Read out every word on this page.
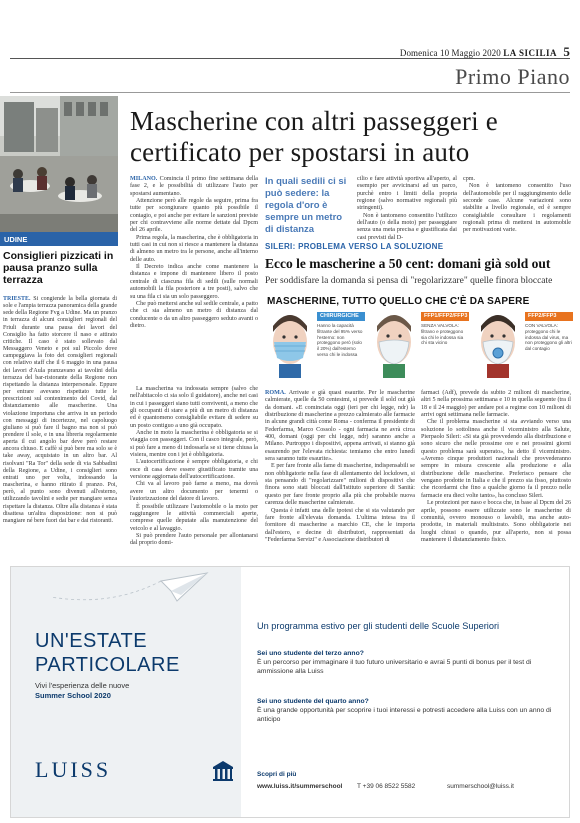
Domenica 10 Maggio 2020 LA SICILIA 5
Primo Piano
UDINE
Consiglieri pizzicati in pausa pranzo sulla terrazza
TRIESTE. Si congiende la bella giornata di sole e l'ampia terrazza panoramica della grande sede della Regione Fvg a Udine. Ma un pranzo in terrazza di alcuni consiglieri regionali del Friuli durante una pausa dei lavori del Consiglio ha fatto storcere il naso e attirato critiche. Il caso è stato sollevato dal Messaggero Veneto e poi sul Piccolo dove campeggiava la foto dei consiglieri regionali con relativo staff che il 6 maggio in una pausa dei lavori d'Aula pranzavano ai tavolini della terrazza del bar-ristorante della Regione non rispettando la distanza interpersonale. Eppure per entrare avevano rispettato tutte le prescrizioni sul contenimento del Covid, dal distanziamento alle mascherine. Una violazione importuna che arriva in un periodo con messaggi di incertezze, nel capoluogo giuliano si può fare il bagno ma non si può prendere il sole, e in una libreria regolarmente aperta il cui angolo bar deve però restare ancora chiuso. E caffè sì può bere ma solo se è take away, acquistato in un altro bar. Al risolvani "Ra Tor" della sede di via Sabbadini della Regione, a Udine, i consiglieri sono entrati uno per volta, indossando la mascherina, e hanno ritirato il pranzo. Poi, però, al punto sono divenuti all'esterno, utilizzando tavolini e sedie per mangiare senza rispettare la distanza. Oltre alla distanza è stata disattesa un'altra disposizione: non si può mangiare né bere fuori dai bar e dai ristoranti.
Mascherine con altri passeggeri e certificato per spostarsi in auto

MILANO. Comincia il primo fine settimana della fase 2, e le possibilità di utilizzare l'auto per spostarsi aumentano.

Attenzione però alle regole da seguire, prima fra tutte per scongiurare quanto più possibile il contagio, e poi anche per evitare le sanzioni previste per chi contravviene alle norme dettate dal Dpcm del 26 aprile.

Prima regola, la mascherina, che è obbligatoria in tutti casi in cui non si riesce a mantenere la distanza di almeno un metro tra le persone, anche all'interno delle auto.

Il Decreto indica anche come mantenere la distanza e impone di mantenere libero il posto centrale di ciascuna fila di sedili (sulle normali automobili la fila posteriore a tre posti), salvo che su una fila ci sia un solo passeggero.

Che può mettersi anche sul sedile centrale, a patto che ci sia almeno un metro di distanza dal conducente o da un altro passeggero seduto avanti o dietro.

La mascherina va indossata sempre (salvo che nell'abitacolo ci sia solo il guidatore), anche nei casi in cui i passeggeri siano tutti conviventi, a meno che gli occupanti di stare a più di un metro di distanza ed è quantomeno consigliabile evitare di sedere su un posto contiguo a uno già occupato.

Anche in moto la mascherina è obbligatoria se si viaggia con passeggeri. Con il casco integrale, però, si può fare a meno di indossarla se si tiene chiusa la visiera, mentre con i jet è obbligatoria.

L'autocertificazione è sempre obbligatoria, e chi esce di casa deve essere giustificato tramite una versione aggiornata dell'autocertificazione.

Chi va al lavoro può farne a meno, ma dovrà avere un altro documento per tenermi o l'autorizzazione del datore di lavoro.

È possibile utilizzare l'automobile o la moto per raggiungere le attività commerciali aperte, comprese quelle deputate alla manutenzione del veicolo e al lavaggio.

Si può prendere l'auto personale per allontanarsi dal proprio domi-

In quali sedili ci si può sedere: la regola d'oro è sempre un metro di distanza

cilio e fare attività sportiva all'aperto, al esempio per avvicinarsi ad un parco, purchè entro i limiti della propria regione (salvo normative regionali più stringenti).

Non è tantomeno consentito l'utilizzo dell'auto (o della moto) per passeggiare senza una meta precisa e giustificata dai casi previsti dal D-

cpm.

Non è tantomeno consentito l'uso dell'automobile per il raggiungimento delle seconde case. Alcune variazioni sono stabilite a livello regionale, ed è sempre consigliabile consultare i regolamenti regionali prima di mettersi in automobile per motivazioni varie.

SILERI: PROBLEMA VERSO LA SOLUZIONE
Ecco le mascherine a 50 cent: domani già sold out
Per soddisfare la domanda si pensa di "regolarizzare" quelle finora bloccate
MASCHERINE, TUTTO QUELLO CHE C'È DA SAPERE
CHIRURGICHE
Hanno la capacità filtrante del 95% verso l'esterno: non proteggono però (solo il 20%) dall'esterno verso chi le indossa
FFP1/FFP2/FFP3
SENZA VALVOLA: filtrano e proteggono sia chi le indossa sia chi sta vicino
FFP2/FFP3
CON VALVOLA: proteggono chi le indossa dal virus, ma non proteggono gli altri dal contagio

ROMA. Arrivate e già quasi esaurite. Per le mascherine calmierate, quelle da 50 centesimi, si prevede il sold out già da domani. «E cominciata oggi (ieri per chi legge, ndr) la distribuzione di mascherine a prezzo calmierato alle farmacie in alcune grandi città come Roma - conferma il presidente di Federfarma, Marco Cossolo - ogni farmacia ne avrà circa 400, domani (oggi per chi legge, ndr) saranno anche a Milano. Purtroppo i dispositivi, appena arrivati, si stanno già esaurendo per l'elevata richiesta: temiamo che entro lunedì sera saranno tutte esaurite».

E per fare fronte alla fame di mascherine, indispensabili se non obbligatorie nella fase di allentamento del lockdown, si sta pensando di "regolarizzare" milioni di dispositivi che finora sono stati bloccati dall'Istituto superiore di Sanità: questo per fare fronte proprio alla più che probabile nuova carenza delle mascherine calmierate.

Questa è infatti una delle ipotesi che si sta valutando per fare fronte all'elevata domanda. L'ultima intesa tra il fornitore di mascherine a marchio CE, che le importa dall'estero, e decine di distributori, rappresentati da "Federfarma Servizi" e Associazione distributori di

farmaci (Adf), prevede da subito 2 milioni di mascherine, altri 5 nella prossima settimana e 10 in quella seguente (tra il 18 e il 24 maggio) per andare poi a regime con 10 milioni di arrivi ogni settimana nelle farmacie.

Che il problema mascherine si sta avviando verso una soluzione lo sottolinea anche il viceministro alla Salute, Pierpaolo Sileri: «Si sta già provvedendo alla distribuzione e sono sicuro che nelle prossime ore e nei prossimi giorni questo problema sarà superato», ha detto il viceministro. «Avremo cinque produttori nazionali che provvederanno sempre in misura crescente alla produzione e alla distribuzione delle mascherine. Preferisco pensare che vengano prodotte in Italia e che il prezzo sia fisso, piuttosto che ricordarmi che fino a qualche giorno fa il prezzo nelle farmacie era dieci volte tanto», ha concluso Sileri.

Le protezioni per naso e bocca che, in base al Dpcm del 26 aprile, possono essere utilizzate sono le mascherine di comunità, ovvero monouso o lavabili, ma anche auto-prodotte, in materiali multistrato. Sono obbligatorie nei luoghi chiusi o quando, pur all'aperto, non si possa mantenere il distanziamento fisico.

UN'ESTATE
PARTICOLARE
Vivi l'esperienza delle nuove
Summer School 2020
LUISS
Un programma estivo per gli studenti delle Scuole Superiori
Sei uno studente del terzo anno?
È un percorso per immaginare il tuo futuro universitario e avrai 5 punti di bonus per il test di ammissione alla Luiss
Sei uno studente del quarto anno?
È una grande opportunità per scoprire i tuoi interessi e potresti accedere alla Luiss con un anno di anticipo
Scopri di più
www.luiss.it/summerschool T +39 06 8522 5582	summerschool@luiss.it
